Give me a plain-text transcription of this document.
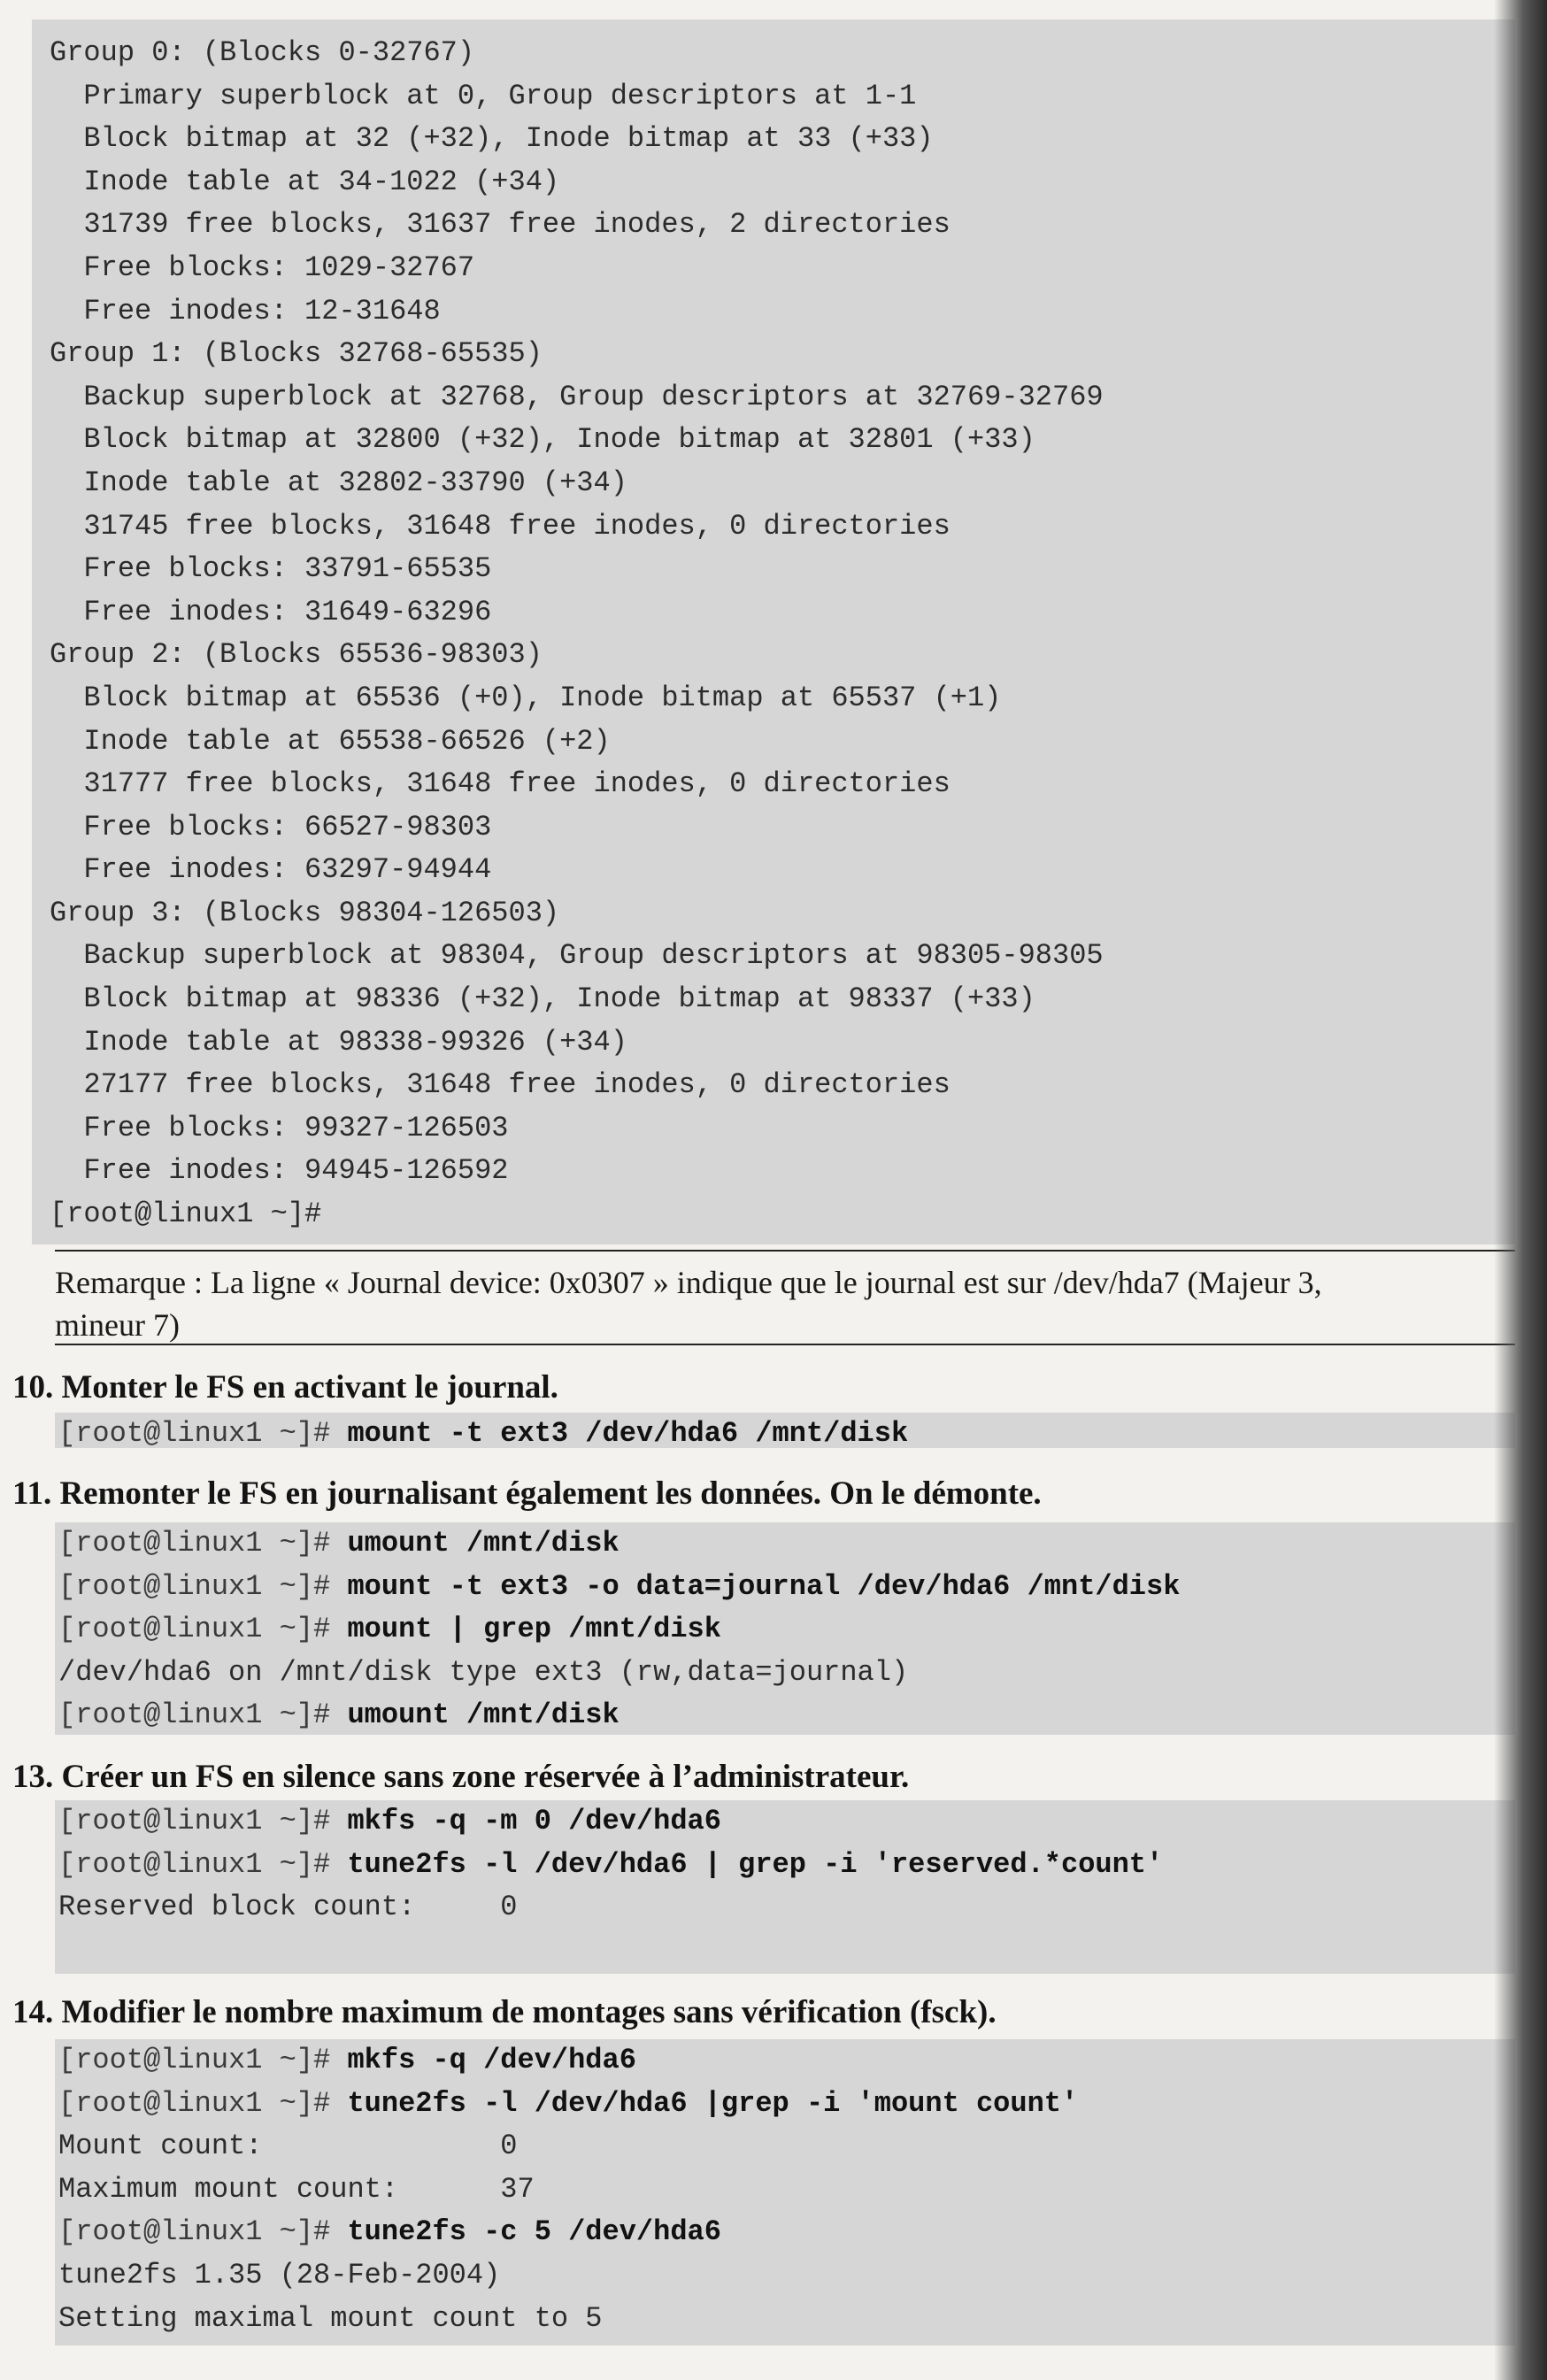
Group 0: (Blocks 0-32767)
Primary superblock at 0, Group descriptors at 1-1
Block bitmap at 32 (+32), Inode bitmap at 33 (+33)
Inode table at 34-1022 (+34)
31739 free blocks, 31637 free inodes, 2 directories
Free blocks: 1029-32767
Free inodes: 12-31648
Group 1: (Blocks 32768-65535)
Backup superblock at 32768, Group descriptors at 32769-32769
Block bitmap at 32800 (+32), Inode bitmap at 32801 (+33)
Inode table at 32802-33790 (+34)
31745 free blocks, 31648 free inodes, 0 directories
Free blocks: 33791-65535
Free inodes: 31649-63296
Group 2: (Blocks 65536-98303)
Block bitmap at 65536 (+0), Inode bitmap at 65537 (+1)
Inode table at 65538-66526 (+2)
31777 free blocks, 31648 free inodes, 0 directories
Free blocks: 66527-98303
Free inodes: 63297-94944
Group 3: (Blocks 98304-126503)
Backup superblock at 98304, Group descriptors at 98305-98305
Block bitmap at 98336 (+32), Inode bitmap at 98337 (+33)
Inode table at 98338-99326 (+34)
27177 free blocks, 31648 free inodes, 0 directories
Free blocks: 99327-126503
Free inodes: 94945-126592
[root@linux1 ~]#
Remarque : La ligne « Journal device: 0x0307 » indique que le journal est sur /dev/hda7 (Majeur 3,
mineur 7)
10. Monter le FS en activant le journal.
[root@linux1 ~]# mount -t ext3 /dev/hda6 /mnt/disk
11. Remonter le FS en journalisant également les données. On le démonte.
[root@linux1 ~]# umount /mnt/disk
[root@linux1 ~]# mount -t ext3 -o data=journal /dev/hda6 /mnt/disk
[root@linux1 ~]# mount | grep /mnt/disk
/dev/hda6 on /mnt/disk type ext3 (rw,data=journal)
[root@linux1 ~]# umount /mnt/disk
13. Créer un FS en silence sans zone réservée à l’administrateur.
[root@linux1 ~]# mkfs -q -m 0 /dev/hda6
[root@linux1 ~]# tune2fs -l /dev/hda6 | grep -i 'reserved.*count'
Reserved block count:     0
14. Modifier le nombre maximum de montages sans vérification (fsck).
[root@linux1 ~]# mkfs -q /dev/hda6
[root@linux1 ~]# tune2fs -l /dev/hda6 |grep -i 'mount count'
Mount count:              0
Maximum mount count:      37
[root@linux1 ~]# tune2fs -c 5 /dev/hda6
tune2fs 1.35 (28-Feb-2004)
Setting maximal mount count to 5
